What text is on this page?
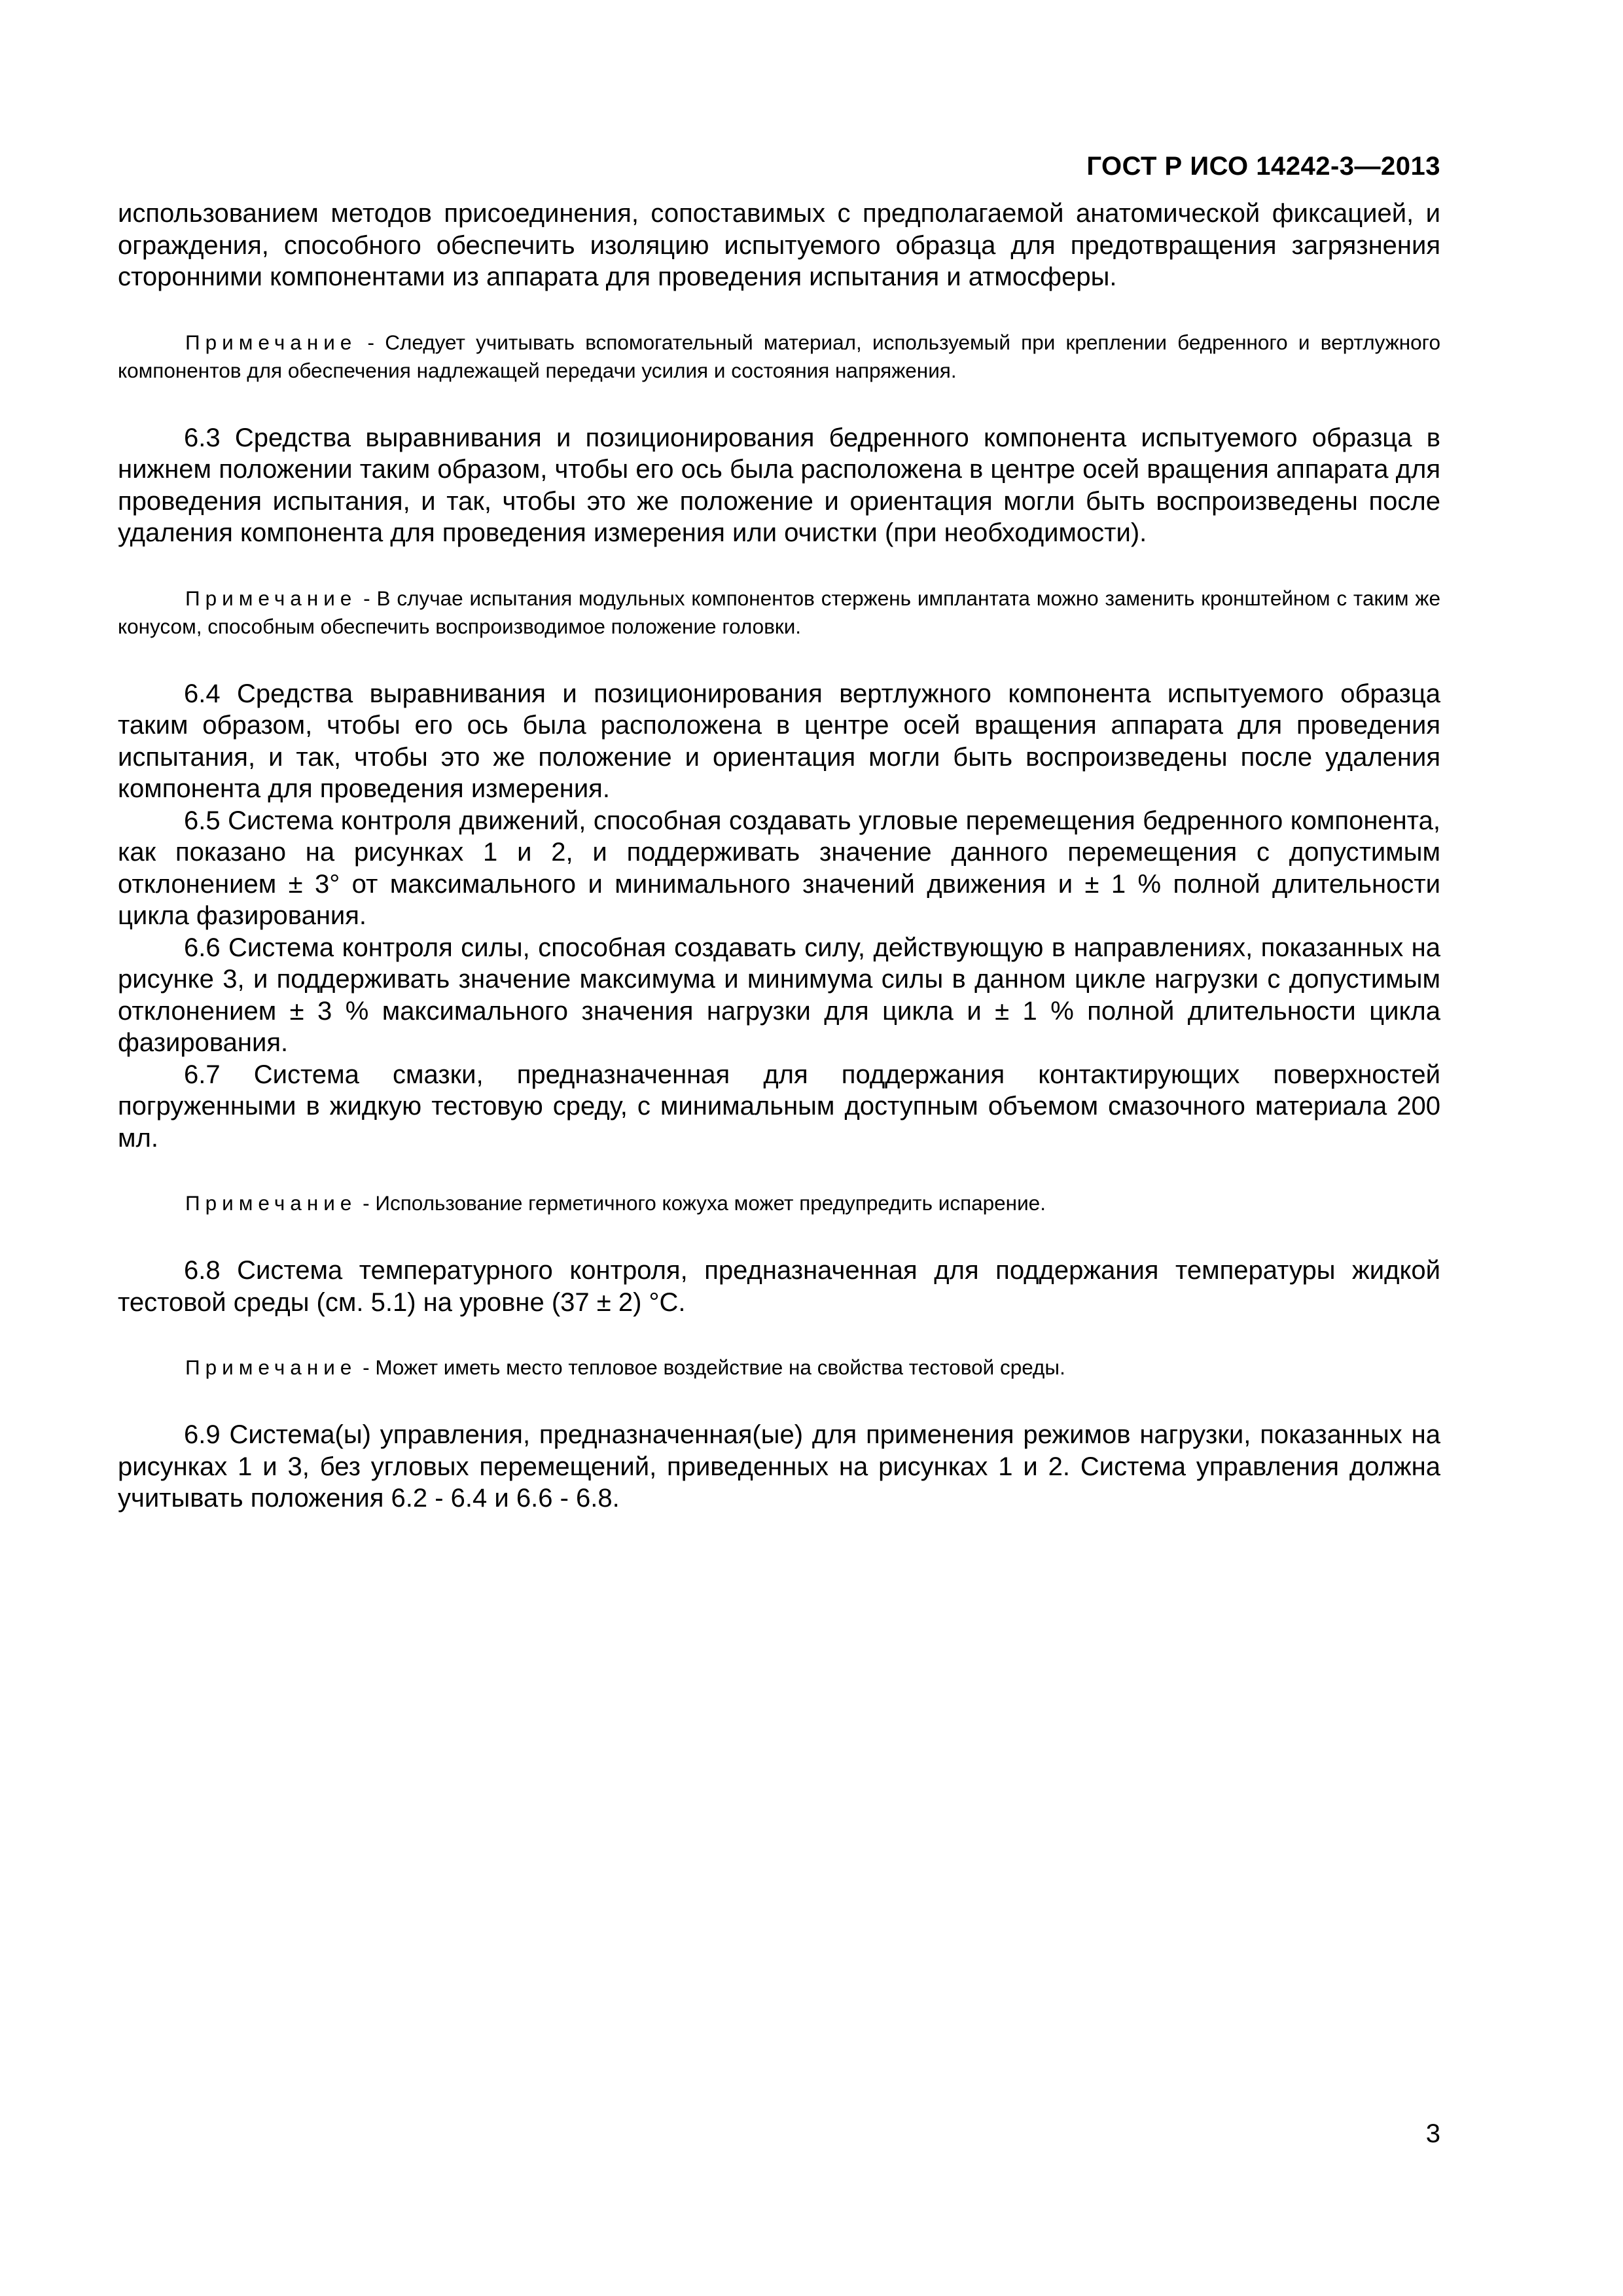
ГОСТ Р ИСО 14242-3—2013

использованием методов присоединения, сопоставимых с предполагаемой анатомической фиксацией, и ограждения, способного обеспечить изоляцию испытуемого образца для предотвращения загрязнения сторонними компонентами из аппарата для проведения испытания и атмосферы.

Примечание - Следует учитывать вспомогательный материал, используемый при креплении бедренного и вертлужного компонентов для обеспечения надлежащей передачи усилия и состояния напряжения.

6.3 Средства выравнивания и позиционирования бедренного компонента испытуемого образца в нижнем положении таким образом, чтобы его ось была расположена в центре осей вращения аппарата для проведения испытания, и так, чтобы это же положение и ориентация могли быть воспроизведены после удаления компонента для проведения измерения или очистки (при необходимости).

Примечание - В случае испытания модульных компонентов стержень имплантата можно заменить кронштейном с таким же конусом, способным обеспечить воспроизводимое положение головки.

6.4 Средства выравнивания и позиционирования вертлужного компонента испытуемого образца таким образом, чтобы его ось была расположена в центре осей вращения аппарата для проведения испытания, и так, чтобы это же положение и ориентация могли быть воспроизведены после удаления компонента для проведения измерения.

6.5 Система контроля движений, способная создавать угловые перемещения бедренного компонента, как показано на рисунках 1 и 2, и поддерживать значение данного перемещения с допустимым отклонением ± 3° от максимального и минимального значений движения и ± 1 % полной длительности цикла фазирования.

6.6 Система контроля силы, способная создавать силу, действующую в направлениях, показанных на рисунке 3, и поддерживать значение максимума и минимума силы в данном цикле нагрузки с допустимым отклонением ± 3 % максимального значения нагрузки для цикла и ± 1 % полной длительности цикла фазирования.

6.7 Система смазки, предназначенная для поддержания контактирующих поверхностей погруженными в жидкую тестовую среду, с минимальным доступным объемом смазочного материала 200 мл.

Примечание - Использование герметичного кожуха может предупредить испарение.

6.8 Система температурного контроля, предназначенная для поддержания температуры жидкой тестовой среды (см. 5.1) на уровне (37 ± 2) °С.

Примечание - Может иметь место тепловое воздействие на свойства тестовой среды.

6.9 Система(ы) управления, предназначенная(ые) для применения режимов нагрузки, показанных на рисунках 1 и 3, без угловых перемещений, приведенных на рисунках 1 и 2. Система управления должна учитывать положения 6.2 - 6.4 и 6.6 - 6.8.

3
